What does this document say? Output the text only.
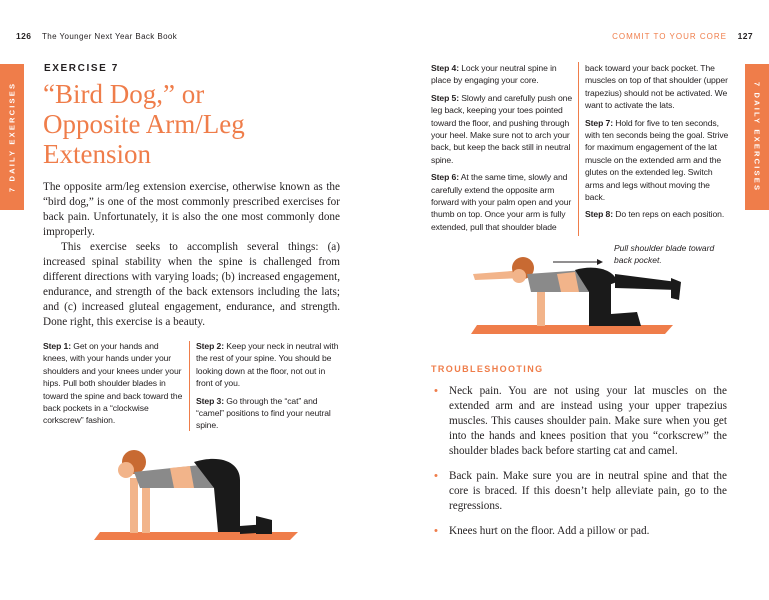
126 The Younger Next Year Back Book
7 DAILY EXERCISES
EXERCISE 7
“Bird Dog,” or Opposite Arm/Leg Extension

The opposite arm/leg extension exercise, otherwise known as the “bird dog,” is one of the most commonly prescribed exercises for back pain. Unfortunately, it is also the one most commonly done improperly.

This exercise seeks to accomplish several things: (a) increased spinal stability when the spine is challenged from different directions with varying loads; (b) increased engagement, endurance, and strength of the back extensors including the lats; and (c) increased gluteal engagement, endurance, and strength. Done right, this exercise is a beauty.

Step 1: Get on your hands and knees, with your hands under your shoulders and your knees under your hips. Pull both shoulder blades in toward the spine and back toward the back pockets in a “clockwise corkscrew” fashion.

Step 2: Keep your neck in neutral with the rest of your spine. You should be looking down at the floor, not out in front of you.

Step 3: Go through the “cat” and “camel” positions to find your neutral spine.

COMMIT TO YOUR CORE 127
7 DAILY EXERCISES

Step 4: Lock your neutral spine in place by engaging your core.

Step 5: Slowly and carefully push one leg back, keeping your toes pointed toward the floor, and pushing through your heel. Make sure not to arch your back, but keep the back still in neutral spine.

Step 6: At the same time, slowly and carefully extend the opposite arm forward with your palm open and your thumb on top. Once your arm is fully extended, pull that shoulder blade

back toward your back pocket. The muscles on top of that shoulder (upper trapezius) should not be activated. We want to activate the lats.

Step 7: Hold for five to ten seconds, with ten seconds being the goal. Strive for maximum engagement of the lat muscle on the extended arm and the glutes on the extended leg. Switch arms and legs without moving the back.

Step 8: Do ten reps on each position.

Pull shoulder blade toward back pocket.
TROUBLESHOOTING
• Neck pain. You are not using your lat muscles on the extended arm and are instead using your upper trapezius muscles. This causes shoulder pain. Make sure when you get into the hands and knees position that you “corkscrew” the shoulder blades back before starting cat and camel.
• Back pain. Make sure you are in neutral spine and that the core is braced. If this doesn’t help alleviate pain, go to the regressions.
• Knees hurt on the floor. Add a pillow or pad.
